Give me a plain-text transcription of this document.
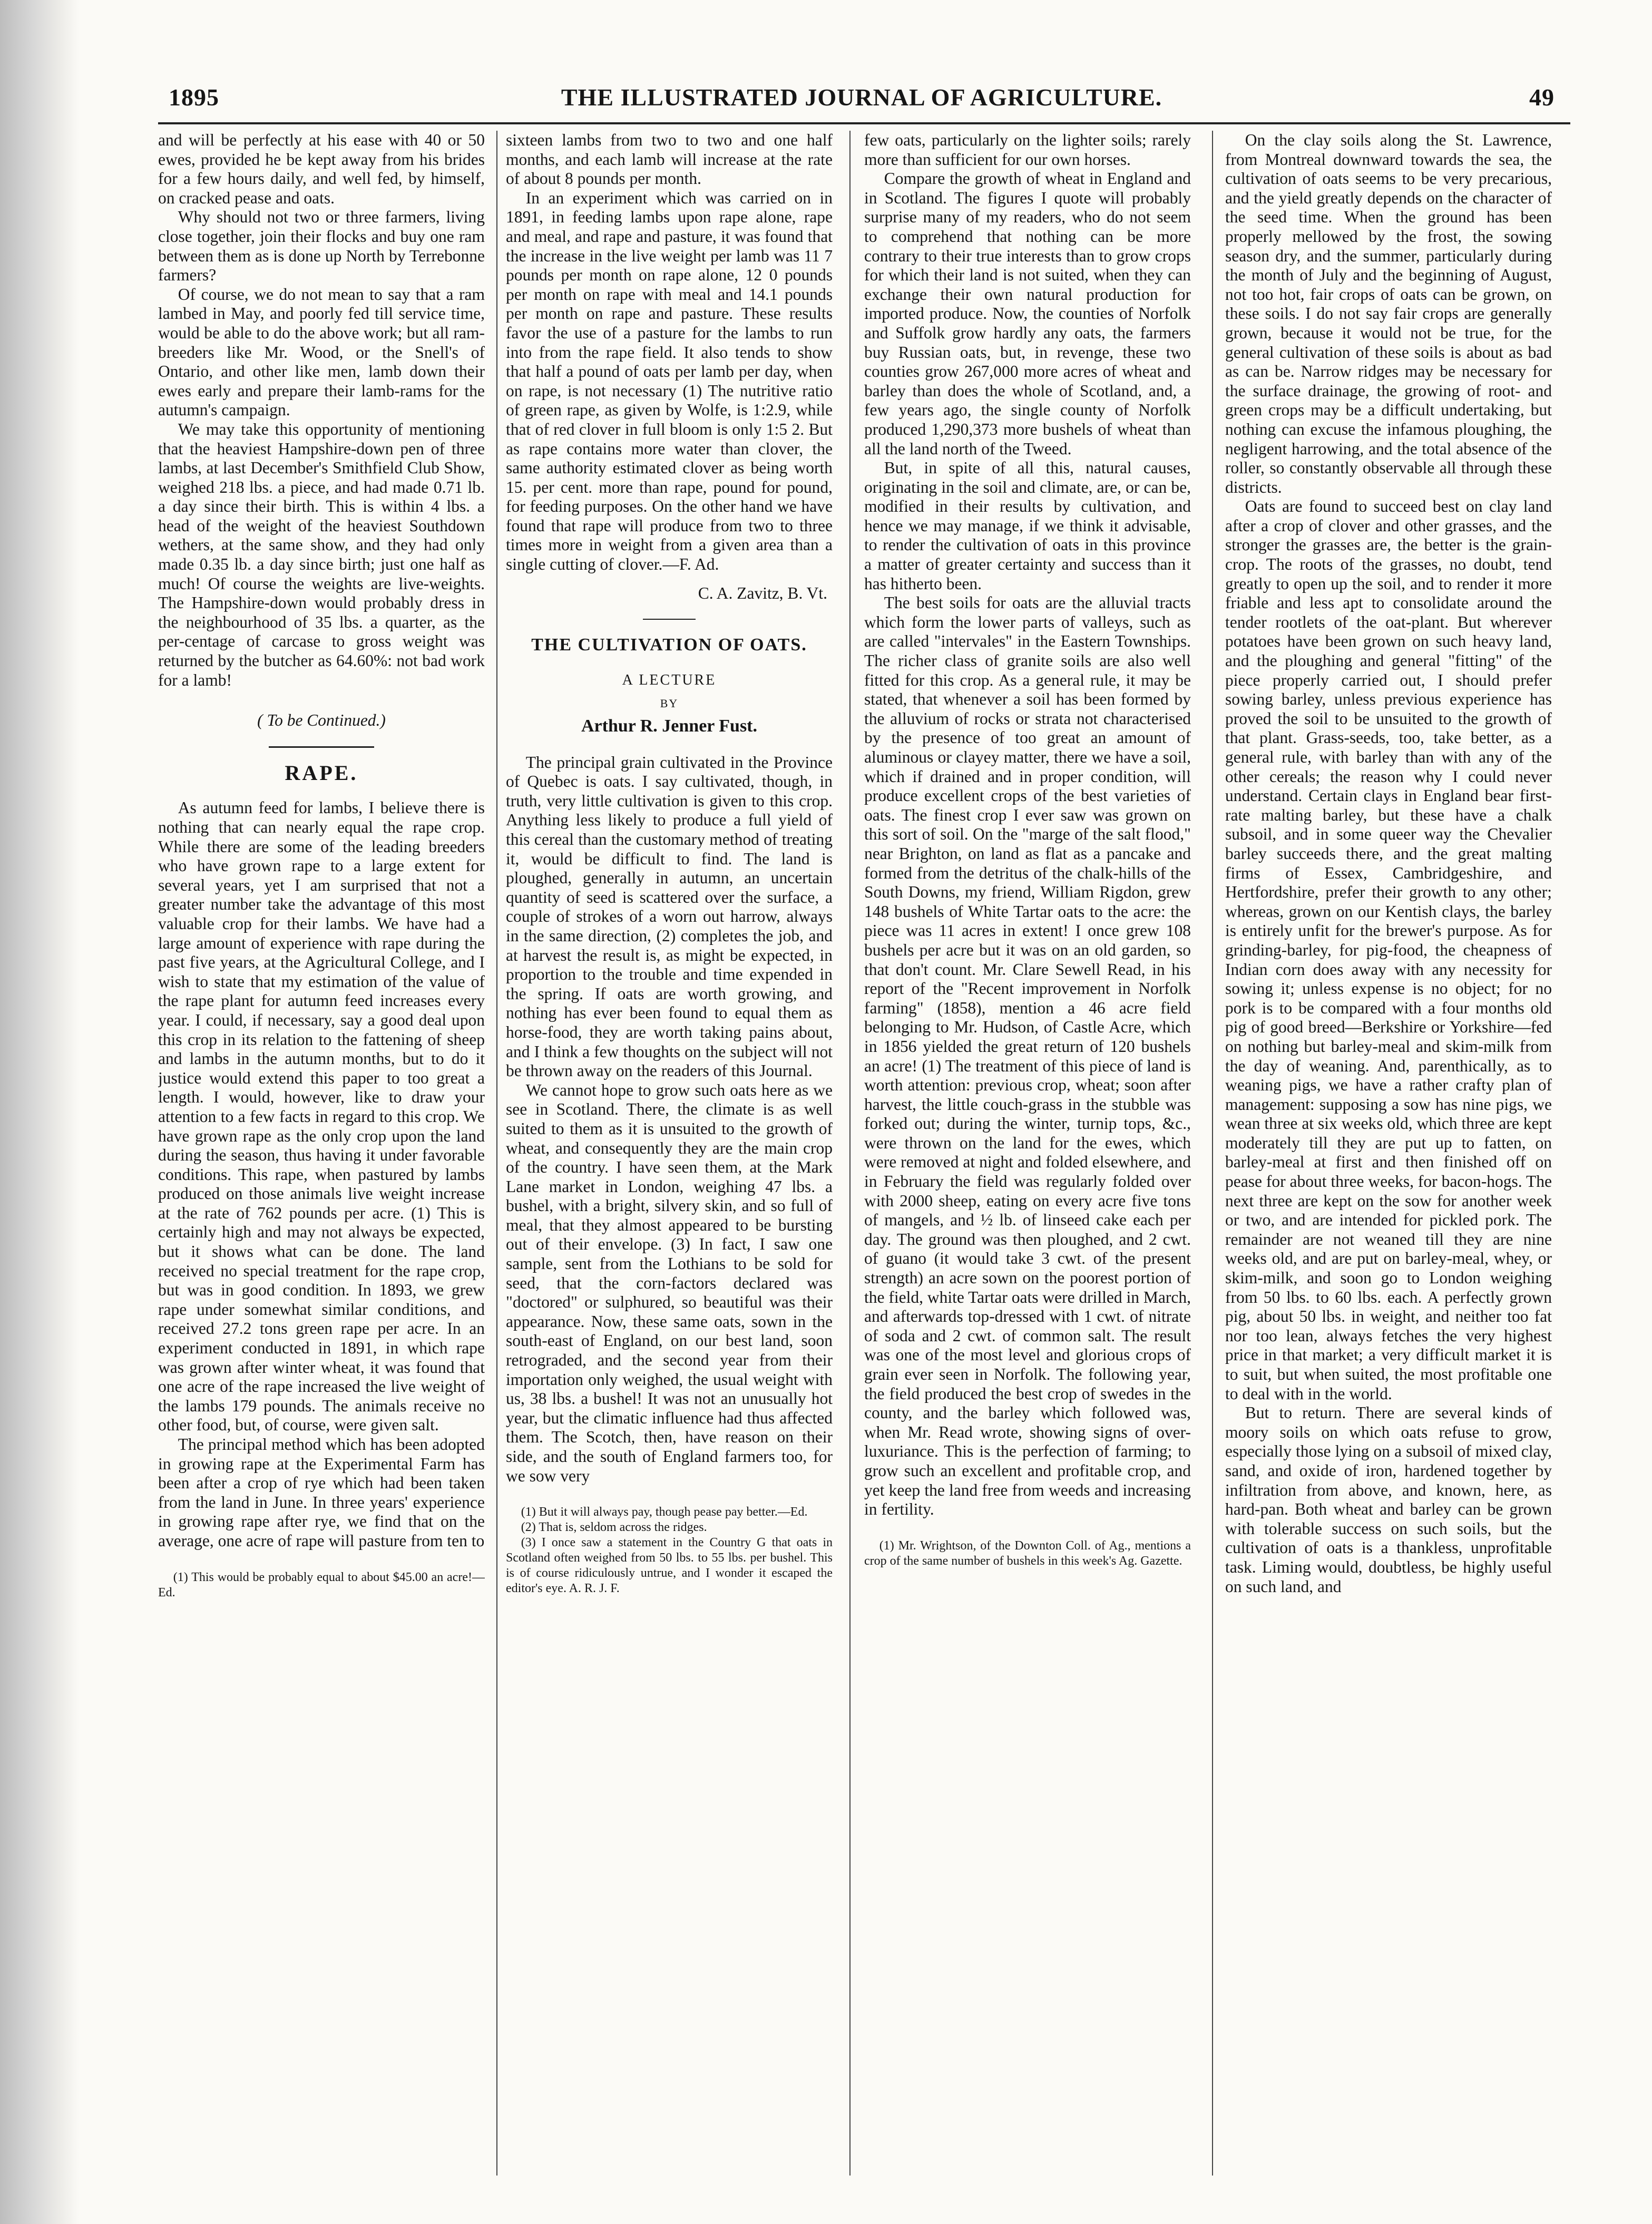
1895	THE ILLUSTRATED JOURNAL OF AGRICULTURE.	49

and will be perfectly at his ease with 40 or 50 ewes, provided he be kept away from his brides for a few hours daily, and well fed, by himself, on cracked pease and oats.

Why should not two or three farmers, living close together, join their flocks and buy one ram between them as is done up North by Terrebonne farmers?

Of course, we do not mean to say that a ram lambed in May, and poorly fed till service time, would be able to do the above work; but all ram-breeders like Mr. Wood, or the Snell's of Ontario, and other like men, lamb down their ewes early and prepare their lamb-rams for the autumn's campaign.

We may take this opportunity of mentioning that the heaviest Hampshire-down pen of three lambs, at last December's Smithfield Club Show, weighed 218 lbs. a piece, and had made 0.71 lb. a day since their birth. This is within 4 lbs. a head of the weight of the heaviest Southdown wethers, at the same show, and they had only made 0.35 lb. a day since birth; just one half as much! Of course the weights are live-weights. The Hampshire-down would probably dress in the neighbourhood of 35 lbs. a quarter, as the per-centage of carcase to gross weight was returned by the butcher as 64.60%: not bad work for a lamb!

( To be Continued.)
RAPE.

As autumn feed for lambs, I believe there is nothing that can nearly equal the rape crop. While there are some of the leading breeders who have grown rape to a large extent for several years, yet I am surprised that not a greater number take the advantage of this most valuable crop for their lambs. We have had a large amount of experience with rape during the past five years, at the Agricultural College, and I wish to state that my estimation of the value of the rape plant for autumn feed increases every year. I could, if necessary, say a good deal upon this crop in its relation to the fattening of sheep and lambs in the autumn months, but to do it justice would extend this paper to too great a length. I would, however, like to draw your attention to a few facts in regard to this crop. We have grown rape as the only crop upon the land during the season, thus having it under favorable conditions. This rape, when pastured by lambs produced on those animals live weight increase at the rate of 762 pounds per acre. (1) This is certainly high and may not always be expected, but it shows what can be done. The land received no special treatment for the rape crop, but was in good condition. In 1893, we grew rape under somewhat similar conditions, and received 27.2 tons green rape per acre. In an experiment conducted in 1891, in which rape was grown after winter wheat, it was found that one acre of the rape increased the live weight of the lambs 179 pounds. The animals receive no other food, but, of course, were given salt.

The principal method which has been adopted in growing rape at the Experimental Farm has been after a crop of rye which had been taken from the land in June. In three years' experience in growing rape after rye, we find that on the average, one acre of rape will pasture from ten to

(1) This would be probably equal to about $45.00 an acre!—Ed.

sixteen lambs from two to two and one half months, and each lamb will increase at the rate of about 8 pounds per month.

In an experiment which was carried on in 1891, in feeding lambs upon rape alone, rape and meal, and rape and pasture, it was found that the increase in the live weight per lamb was 11 7 pounds per month on rape alone, 12 0 pounds per month on rape with meal and 14.1 pounds per month on rape and pasture. These results favor the use of a pasture for the lambs to run into from the rape field. It also tends to show that half a pound of oats per lamb per day, when on rape, is not necessary (1) The nutritive ratio of green rape, as given by Wolfe, is 1:2.9, while that of red clover in full bloom is only 1:5 2. But as rape contains more water than clover, the same authority estimated clover as being worth 15. per cent. more than rape, pound for pound, for feeding purposes. On the other hand we have found that rape will produce from two to three times more in weight from a given area than a single cutting of clover.—F. Ad.

C. A. Zavitz, B. Vt.
THE CULTIVATION OF OATS.
A LECTURE
BY
Arthur R. Jenner Fust.

The principal grain cultivated in the Province of Quebec is oats. I say cultivated, though, in truth, very little cultivation is given to this crop. Anything less likely to produce a full yield of this cereal than the customary method of treating it, would be difficult to find. The land is ploughed, generally in autumn, an uncertain quantity of seed is scattered over the surface, a couple of strokes of a worn out harrow, always in the same direction, (2) completes the job, and at harvest the result is, as might be expected, in proportion to the trouble and time expended in the spring. If oats are worth growing, and nothing has ever been found to equal them as horse-food, they are worth taking pains about, and I think a few thoughts on the subject will not be thrown away on the readers of this Journal.

We cannot hope to grow such oats here as we see in Scotland. There, the climate is as well suited to them as it is unsuited to the growth of wheat, and consequently they are the main crop of the country. I have seen them, at the Mark Lane market in London, weighing 47 lbs. a bushel, with a bright, silvery skin, and so full of meal, that they almost appeared to be bursting out of their envelope. (3) In fact, I saw one sample, sent from the Lothians to be sold for seed, that the corn-factors declared was "doctored" or sulphured, so beautiful was their appearance. Now, these same oats, sown in the south-east of England, on our best land, soon retrograded, and the second year from their importation only weighed, the usual weight with us, 38 lbs. a bushel! It was not an unusually hot year, but the climatic influence had thus affected them. The Scotch, then, have reason on their side, and the south of England farmers too, for we sow very

(1) But it will always pay, though pease pay better.—Ed.

(2) That is, seldom across the ridges.

(3) I once saw a statement in the Country G that oats in Scotland often weighed from 50 lbs. to 55 lbs. per bushel. This is of course ridiculously untrue, and I wonder it escaped the editor's eye. A. R. J. F.

few oats, particularly on the lighter soils; rarely more than sufficient for our own horses.

Compare the growth of wheat in England and in Scotland. The figures I quote will probably surprise many of my readers, who do not seem to comprehend that nothing can be more contrary to their true interests than to grow crops for which their land is not suited, when they can exchange their own natural production for imported produce. Now, the counties of Norfolk and Suffolk grow hardly any oats, the farmers buy Russian oats, but, in revenge, these two counties grow 267,000 more acres of wheat and barley than does the whole of Scotland, and, a few years ago, the single county of Norfolk produced 1,290,373 more bushels of wheat than all the land north of the Tweed.

But, in spite of all this, natural causes, originating in the soil and climate, are, or can be, modified in their results by cultivation, and hence we may manage, if we think it advisable, to render the cultivation of oats in this province a matter of greater certainty and success than it has hitherto been.

The best soils for oats are the alluvial tracts which form the lower parts of valleys, such as are called "intervales" in the Eastern Townships. The richer class of granite soils are also well fitted for this crop. As a general rule, it may be stated, that whenever a soil has been formed by the alluvium of rocks or strata not characterised by the presence of too great an amount of aluminous or clayey matter, there we have a soil, which if drained and in proper condition, will produce excellent crops of the best varieties of oats. The finest crop I ever saw was grown on this sort of soil. On the "marge of the salt flood," near Brighton, on land as flat as a pancake and formed from the detritus of the chalk-hills of the South Downs, my friend, William Rigdon, grew 148 bushels of White Tartar oats to the acre: the piece was 11 acres in extent! I once grew 108 bushels per acre but it was on an old garden, so that don't count. Mr. Clare Sewell Read, in his report of the "Recent improvement in Norfolk farming" (1858), mention a 46 acre field belonging to Mr. Hudson, of Castle Acre, which in 1856 yielded the great return of 120 bushels an acre! (1) The treatment of this piece of land is worth attention: previous crop, wheat; soon after harvest, the little couch-grass in the stubble was forked out; during the winter, turnip tops, &c., were thrown on the land for the ewes, which were removed at night and folded elsewhere, and in February the field was regularly folded over with 2000 sheep, eating on every acre five tons of mangels, and ½ lb. of linseed cake each per day. The ground was then ploughed, and 2 cwt. of guano (it would take 3 cwt. of the present strength) an acre sown on the poorest portion of the field, white Tartar oats were drilled in March, and afterwards top-dressed with 1 cwt. of nitrate of soda and 2 cwt. of common salt. The result was one of the most level and glorious crops of grain ever seen in Norfolk. The following year, the field produced the best crop of swedes in the county, and the barley which followed was, when Mr. Read wrote, showing signs of over-luxuriance. This is the perfection of farming; to grow such an excellent and profitable crop, and yet keep the land free from weeds and increasing in fertility.

(1) Mr. Wrightson, of the Downton Coll. of Ag., mentions a crop of the same number of bushels in this week's Ag. Gazette.

On the clay soils along the St. Lawrence, from Montreal downward towards the sea, the cultivation of oats seems to be very precarious, and the yield greatly depends on the character of the seed time. When the ground has been properly mellowed by the frost, the sowing season dry, and the summer, particularly during the month of July and the beginning of August, not too hot, fair crops of oats can be grown, on these soils. I do not say fair crops are generally grown, because it would not be true, for the general cultivation of these soils is about as bad as can be. Narrow ridges may be necessary for the surface drainage, the growing of root- and green crops may be a difficult undertaking, but nothing can excuse the infamous ploughing, the negligent harrowing, and the total absence of the roller, so constantly observable all through these districts.

Oats are found to succeed best on clay land after a crop of clover and other grasses, and the stronger the grasses are, the better is the grain-crop. The roots of the grasses, no doubt, tend greatly to open up the soil, and to render it more friable and less apt to consolidate around the tender rootlets of the oat-plant. But wherever potatoes have been grown on such heavy land, and the ploughing and general "fitting" of the piece properly carried out, I should prefer sowing barley, unless previous experience has proved the soil to be unsuited to the growth of that plant. Grass-seeds, too, take better, as a general rule, with barley than with any of the other cereals; the reason why I could never understand. Certain clays in England bear first-rate malting barley, but these have a chalk subsoil, and in some queer way the Chevalier barley succeeds there, and the great malting firms of Essex, Cambridgeshire, and Hertfordshire, prefer their growth to any other; whereas, grown on our Kentish clays, the barley is entirely unfit for the brewer's purpose. As for grinding-barley, for pig-food, the cheapness of Indian corn does away with any necessity for sowing it; unless expense is no object; for no pork is to be compared with a four months old pig of good breed—Berkshire or Yorkshire—fed on nothing but barley-meal and skim-milk from the day of weaning. And, parenthically, as to weaning pigs, we have a rather crafty plan of management: supposing a sow has nine pigs, we wean three at six weeks old, which three are kept moderately till they are put up to fatten, on barley-meal at first and then finished off on pease for about three weeks, for bacon-hogs. The next three are kept on the sow for another week or two, and are intended for pickled pork. The remainder are not weaned till they are nine weeks old, and are put on barley-meal, whey, or skim-milk, and soon go to London weighing from 50 lbs. to 60 lbs. each. A perfectly grown pig, about 50 lbs. in weight, and neither too fat nor too lean, always fetches the very highest price in that market; a very difficult market it is to suit, but when suited, the most profitable one to deal with in the world.

But to return. There are several kinds of moory soils on which oats refuse to grow, especially those lying on a subsoil of mixed clay, sand, and oxide of iron, hardened together by infiltration from above, and known, here, as hard-pan. Both wheat and barley can be grown with tolerable success on such soils, but the cultivation of oats is a thankless, unprofitable task. Liming would, doubtless, be highly useful on such land, and
